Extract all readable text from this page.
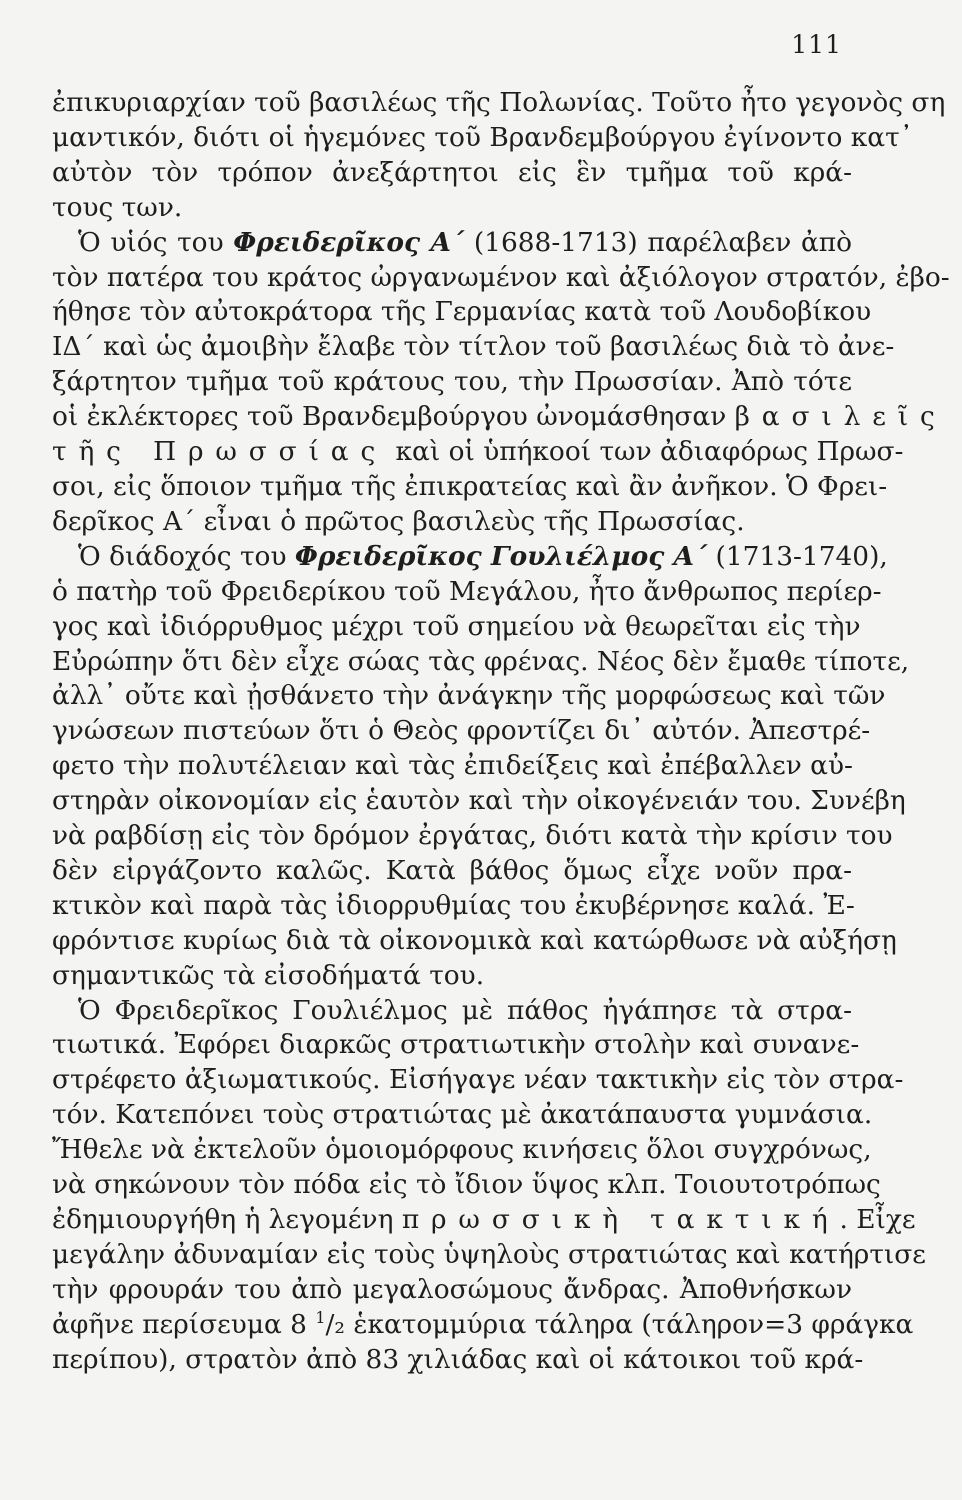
111
ἐπικυριαρχίαν τοῦ βασιλέως τῆς Πολωνίας. Τοῦτο ἦτο γεγονὸς ση
μαντικόν, διότι οἱ ἡγεμόνες τοῦ Βρανδεμβούργου ἐγίνοντο κατ᾽
αὐτὸν τὸν τρόπον ἀνεξάρτητοι εἰς ἓν τμῆμα τοῦ κρά-
τους των.
Ὁ υἱός του Φρειδερῖκος Α΄ (1688-1713) παρέλαβεν ἀπὸ
τὸν πατέρα του κράτος ὠργανωμένον καὶ ἀξιόλογον στρατόν, ἐβο-
ήθησε τὸν αὐτοκράτορα τῆς Γερμανίας κατὰ τοῦ Λουδοβίκου
ΙΔ΄ καὶ ὡς ἀμοιβὴν ἔλαβε τὸν τίτλον τοῦ βασιλέως διὰ τὸ ἀνε-
ξάρτητον τμῆμα τοῦ κράτους του, τὴν Πρωσσίαν. Ἀπὸ τότε
οἱ ἐκλέκτορες τοῦ Βρανδεμβούργου ὠνομάσθησαν βασιλεῖς
τῆς Πρωσσίας καὶ οἱ ὑπήκοοί των ἀδιαφόρως Πρωσ-
σοι, εἰς ὅποιον τμῆμα τῆς ἐπικρατείας καὶ ἂν ἀνῆκον. Ὁ Φρει-
δερῖκος Α΄ εἶναι ὁ πρῶτος βασιλεὺς τῆς Πρωσσίας.
Ὁ διάδοχός του Φρειδερῖκος Γουλιέλμος Α΄ (1713-1740),
ὁ πατὴρ τοῦ Φρειδερίκου τοῦ Μεγάλου, ἦτο ἄνθρωπος περίερ-
γος καὶ ἰδιόρρυθμος μέχρι τοῦ σημείου νὰ θεωρεῖται εἰς τὴν
Εὐρώπην ὅτι δὲν εἶχε σώας τὰς φρένας. Νέος δὲν ἔμαθε τίποτε,
ἀλλ᾽ οὔτε καὶ ᾐσθάνετο τὴν ἀνάγκην τῆς μορφώσεως καὶ τῶν
γνώσεων πιστεύων ὅτι ὁ Θεὸς φροντίζει δι᾽ αὐτόν. Ἀπεστρέ-
φετο τὴν πολυτέλειαν καὶ τὰς ἐπιδείξεις καὶ ἐπέβαλλεν αὐ-
στηρὰν οἰκονομίαν εἰς ἑαυτὸν καὶ τὴν οἰκογένειάν του. Συνέβη
νὰ ραβδίσῃ εἰς τὸν δρόμον ἐργάτας, διότι κατὰ τὴν κρίσιν του
δὲν εἰργάζοντο καλῶς. Κατὰ βάθος ὅμως εἶχε νοῦν πρα-
κτικὸν καὶ παρὰ τὰς ἰδιορρυθμίας του ἐκυβέρνησε καλά. Ἐ-
φρόντισε κυρίως διὰ τὰ οἰκονομικὰ καὶ κατώρθωσε νὰ αὐξήσῃ
σημαντικῶς τὰ εἰσοδήματά του.
Ὁ Φρειδερῖκος Γουλιέλμος μὲ πάθος ἠγάπησε τὰ στρα-
τιωτικά. Ἐφόρει διαρκῶς στρατιωτικὴν στολὴν καὶ συνανε-
στρέφετο ἀξιωματικούς. Εἰσήγαγε νέαν τακτικὴν εἰς τὸν στρα-
τόν. Κατεπόνει τοὺς στρατιώτας μὲ ἀκατάπαυστα γυμνάσια.
Ἤθελε νὰ ἐκτελοῦν ὁμοιομόρφους κινήσεις ὅλοι συγχρόνως,
νὰ σηκώνουν τὸν πόδα εἰς τὸ ἴδιον ὕψος κλπ. Τοιουτοτρόπως
ἐδημιουργήθη ἡ λεγομένη πρωσσικὴ τακτική. Εἶχε
μεγάλην ἀδυναμίαν εἰς τοὺς ὑψηλοὺς στρατιώτας καὶ κατήρτισε
τὴν φρουράν του ἀπὸ μεγαλοσώμους ἄνδρας. Ἀποθνήσκων
ἀφῆνε περίσευμα 8 $^1$/₂ ἑκατομμύρια τάληρα (τάληρον=3 φράγκα
περίπου), στρατὸν ἀπὸ 83 χιλιάδας καὶ οἱ κάτοικοι τοῦ κρά-
